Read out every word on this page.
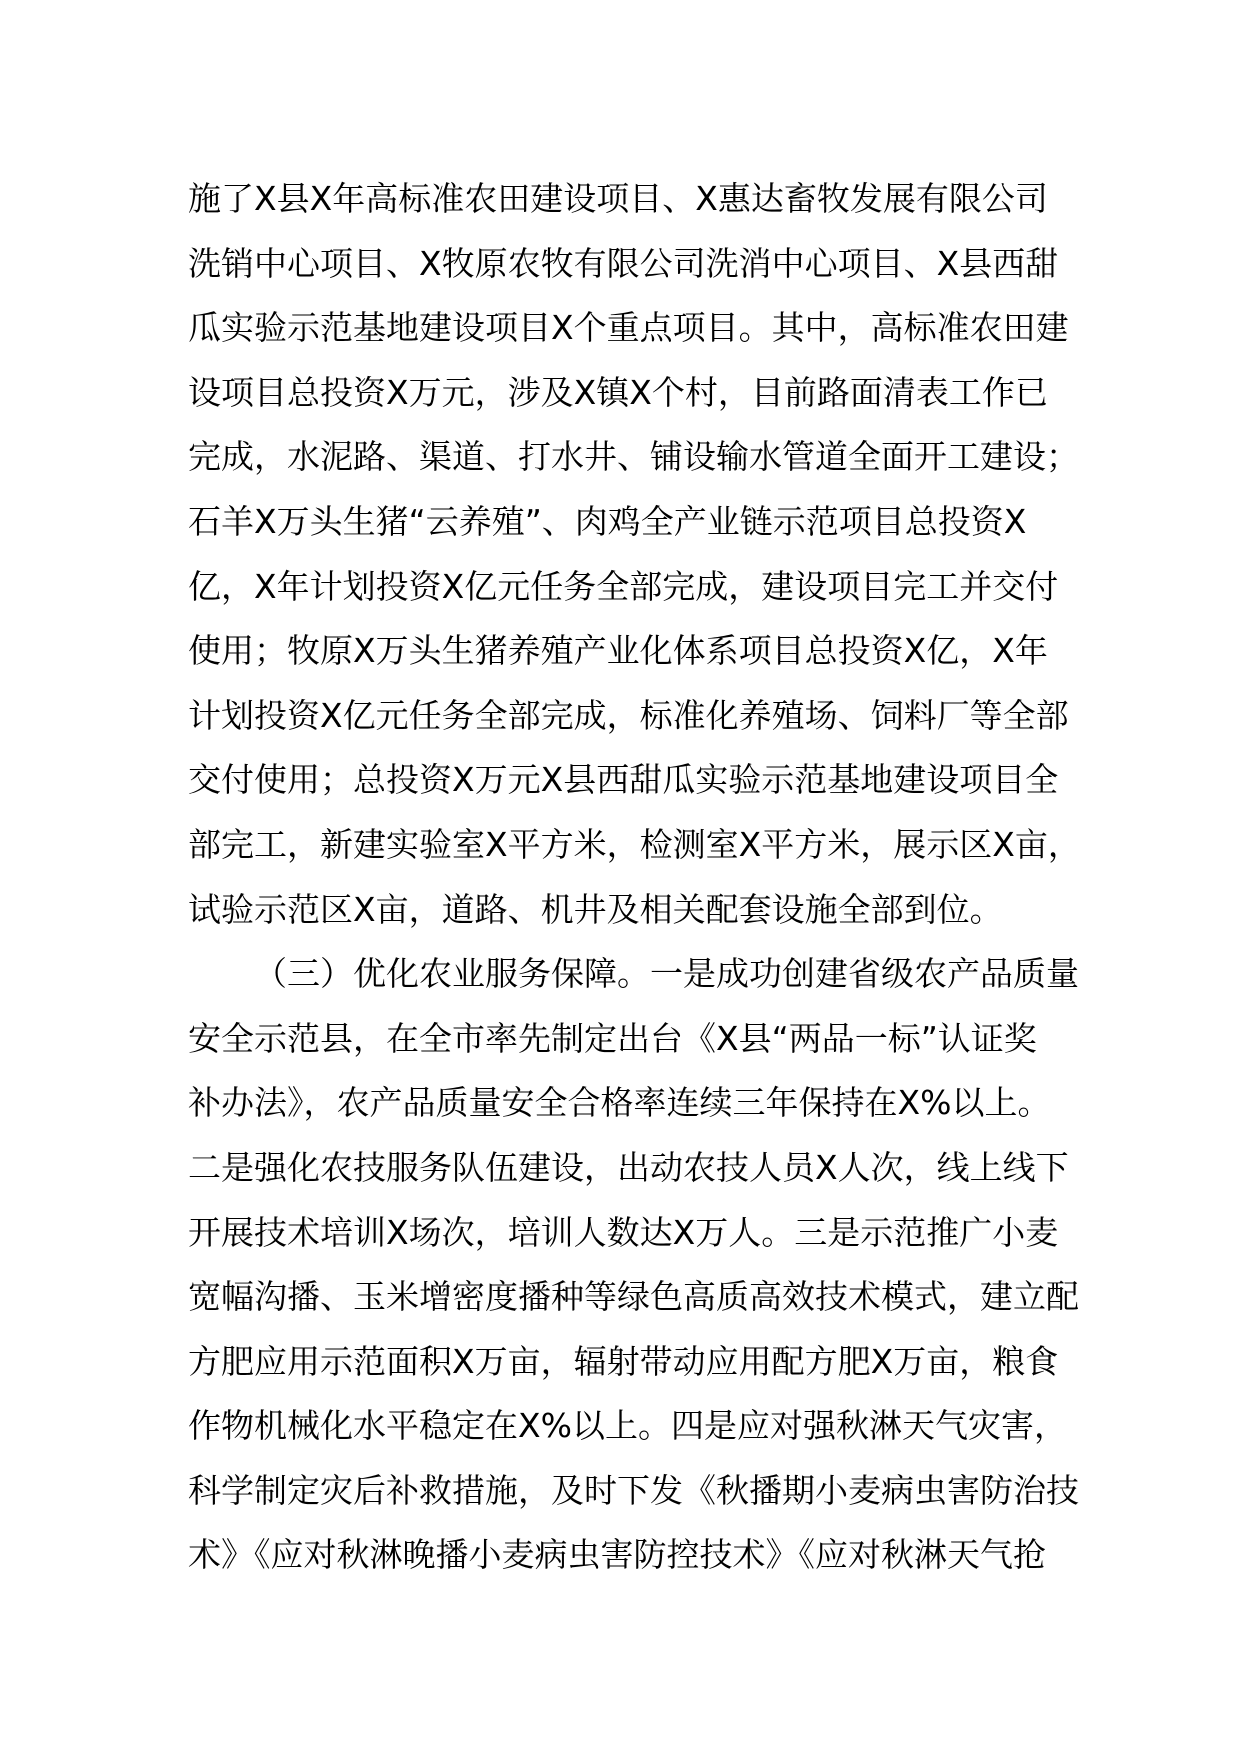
施了X县X年高标准农田建设项目、X惠达畜牧发展有限公司
洗销中心项目、X牧原农牧有限公司洗消中心项目、X县西甜
瓜实验示范基地建设项目X个重点项目。其中，高标准农田建
设项目总投资X万元，涉及X镇X个村，目前路面清表工作已
完成，水泥路、渠道、打水井、铺设输水管道全面开工建设；
石羊X万头生猪“云养殖”、肉鸡全产业链示范项目总投资X
亿，X年计划投资X亿元任务全部完成，建设项目完工并交付
使用；牧原X万头生猪养殖产业化体系项目总投资X亿，X年
计划投资X亿元任务全部完成，标准化养殖场、饲料厂等全部
交付使用；总投资X万元X县西甜瓜实验示范基地建设项目全
部完工，新建实验室X平方米，检测室X平方米，展示区X亩，
试验示范区X亩，道路、机井及相关配套设施全部到位。
（三）优化农业服务保障。一是成功创建省级农产品质量
安全示范县，在全市率先制定出台《X县“两品一标”认证奖
补办法》，农产品质量安全合格率连续三年保持在X%以上。
二是强化农技服务队伍建设，出动农技人员X人次，线上线下
开展技术培训X场次，培训人数达X万人。三是示范推广小麦
宽幅沟播、玉米增密度播种等绿色高质高效技术模式，建立配
方肥应用示范面积X万亩，辐射带动应用配方肥X万亩，粮食
作物机械化水平稳定在X%以上。四是应对强秋淋天气灾害，
科学制定灾后补救措施，及时下发《秋播期小麦病虫害防治技
术》《应对秋淋晚播小麦病虫害防控技术》《应对秋淋天气抢
